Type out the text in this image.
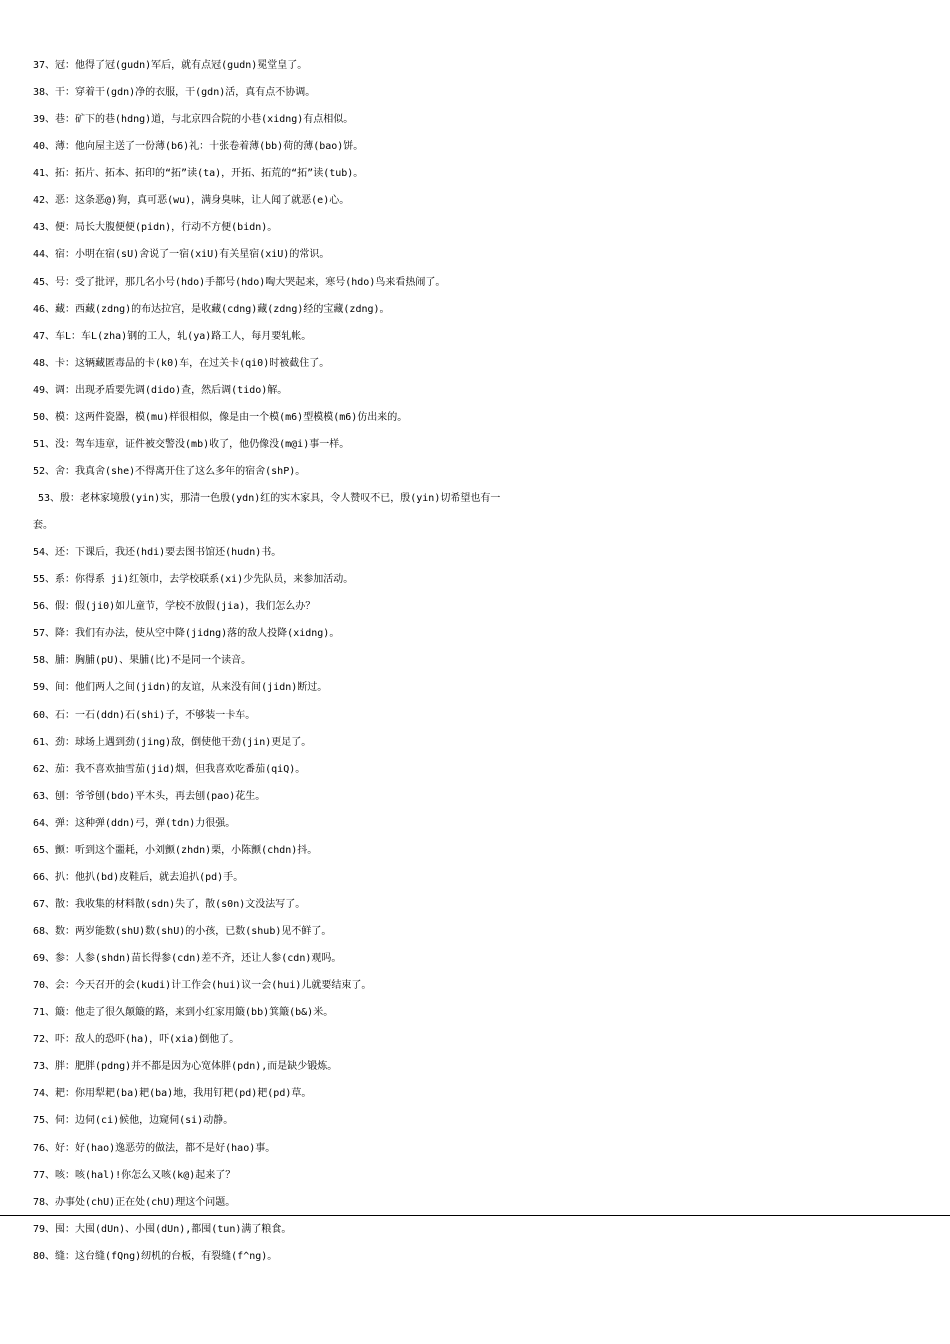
37、冠：他得了冠(gudn)军后，就有点冠(gudn)冕堂皇了。
38、干：穿着干(gdn)净的衣服，干(gdn)活，真有点不协调。
39、巷：矿下的巷(hdng)道，与北京四合院的小巷(xidng)有点相似。
40、薄：他向屋主送了一份薄(b6)礼：十张卷着薄(bb)荷的薄(bao)饼。
41、拓：拓片、拓本、拓印的“拓”读(ta)，开拓、拓荒的“拓”读(tub)。
42、恶：这条恶@)狗，真可恶(wu)，满身臭味，让人闻了就恶(e)心。
43、便：局长大腹便便(pidn)，行动不方便(bidn)。
44、宿：小明在宿(sU)舍说了一宿(xiU)有关星宿(xiU)的常识。
45、号：受了批评，那几名小号(hdo)手都号(hdo)啕大哭起来，寒号(hdo)鸟来看热闹了。
46、藏：西藏(zdng)的布达拉宫，是收藏(cdng)藏(zdng)经的宝藏(zdng)。
47、车L：车L(zha)钢的工人，轧(ya)路工人，每月要轧帐。
48、卡：这辆藏匿毒品的卡(k0)车，在过关卡(qi0)时被截住了。
49、调：出现矛盾要先调(dido)查，然后调(tido)解。
50、模：这两件瓷器，模(mu)样很相似，像是由一个模(m6)型模模(m6)仿出来的。
51、没：驾车违章，证件被交警没(mb)收了，他仍像没(m@i)事一样。
52、舍：我真舍(she)不得离开住了这么多年的宿舍(shP)。
53、殷：老林家境殷(yin)实，那清一色殷(ydn)红的实木家具，令人赞叹不已，殷(yin)切希望也有一
套。
54、还：下课后，我还(hdi)要去图书馆还(hudn)书。
55、系：你得系 ji)红领巾，去学校联系(xi)少先队员，来参加活动。
56、假：假(ji0)如儿童节，学校不放假(jia)，我们怎么办？
57、降：我们有办法，使从空中降(jidng)落的敌人投降(xidng)。
58、脯：胸脯(pU)、果脯(比)不是同一个读音。
59、间：他们两人之间(jidn)的友谊，从来没有间(jidn)断过。
60、石：一石(ddn)石(shi)子，不够装一卡车。
61、劲：球场上遇到劲(jing)敌，倒使他干劲(jin)更足了。
62、茄：我不喜欢抽雪茄(jid)烟，但我喜欢吃番茄(qiQ)。
63、刨：爷爷刨(bdo)平木头，再去刨(pao)花生。
64、弹：这种弹(ddn)弓，弹(tdn)力很强。
65、颤：听到这个噩耗，小刘颤(zhdn)栗，小陈颤(chdn)抖。
66、扒：他扒(bd)皮鞋后，就去追扒(pd)手。
67、散：我收集的材料散(sdn)失了，散(s0n)文没法写了。
68、数：两岁能数(shU)数(shU)的小孩，已数(shub)见不鲜了。
69、参：人参(shdn)苗长得参(cdn)差不齐，还让人参(cdn)观吗。
70、会：今天召开的会(kudi)计工作会(hui)议一会(hui)儿就要结束了。
71、簸：他走了很久颠簸的路，来到小红家用簸(bb)箕簸(b&)米。
72、吓：敌人的恐吓(ha)，吓(xia)倒他了。
73、胖：肥胖(pdng)并不都是因为心宽体胖(pdn),而是缺少锻炼。
74、耙：你用犁耙(ba)耙(ba)地，我用钉耙(pd)耙(pd)草。
75、伺：边伺(ci)候他，边窥伺(si)动静。
76、好：好(hao)逸恶劳的做法，都不是好(hao)事。
77、咳：咳(hal)!你怎么又咳(k@)起来了？
78、办事处(chU)正在处(chU)理这个问题。
79、囤：大囤(dUn)、小囤(dUn),都囤(tun)满了粮食。
80、缝：这台缝(fQng)纫机的台板，有裂缝(f^ng)。
